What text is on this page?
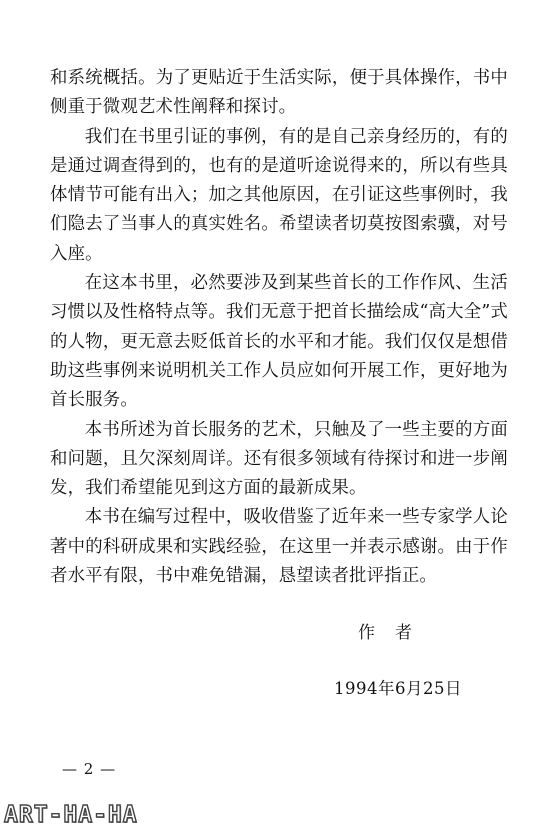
和系统概括。为了更贴近于生活实际，便于具体操作，书中侧重于微观艺术性阐释和探讨。

我们在书里引证的事例，有的是自己亲身经历的，有的是通过调查得到的，也有的是道听途说得来的，所以有些具体情节可能有出入；加之其他原因，在引证这些事例时，我们隐去了当事人的真实姓名。希望读者切莫按图索骥，对号入座。

在这本书里，必然要涉及到某些首长的工作作风、生活习惯以及性格特点等。我们无意于把首长描绘成“高大全”式的人物，更无意去贬低首长的水平和才能。我们仅仅是想借助这些事例来说明机关工作人员应如何开展工作，更好地为首长服务。

本书所述为首长服务的艺术，只触及了一些主要的方面和问题，且欠深刻周详。还有很多领域有待探讨和进一步阐发，我们希望能见到这方面的最新成果。

本书在编写过程中，吸收借鉴了近年来一些专家学人论著中的科研成果和实践经验，在这里一并表示感谢。由于作者水平有限，书中难免错漏，恳望读者批评指正。

作者
1994年6月25日
— 2 —
ART-HA-HA
